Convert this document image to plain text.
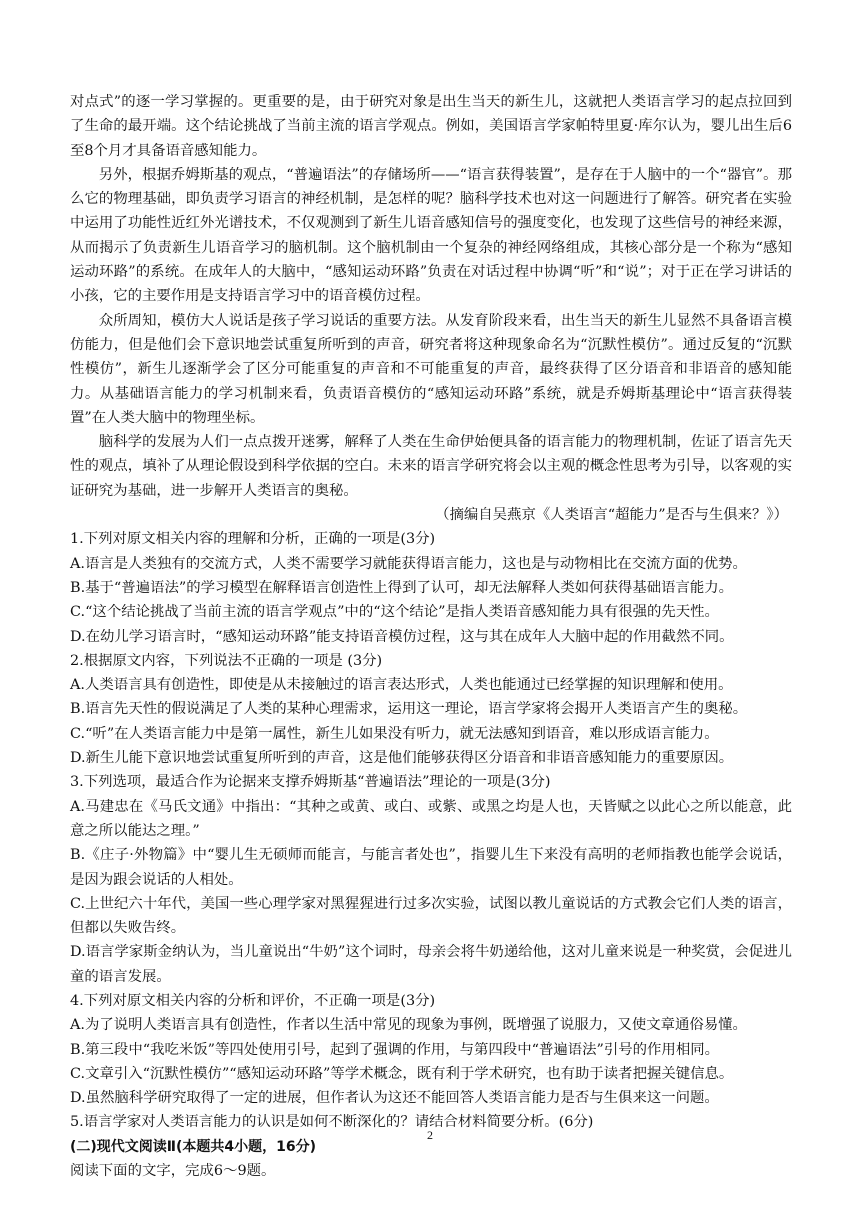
对点式”的逐一学习掌握的。更重要的是，由于研究对象是出生当天的新生儿，这就把人类语言学习的起点拉回到了生命的最开端。这个结论挑战了当前主流的语言学观点。例如，美国语言学家帕特里夏·库尔认为，婴儿出生后6至8个月才具备语音感知能力。

另外，根据乔姆斯基的观点，“普遍语法”的存储场所——“语言获得装置”，是存在于人脑中的一个“器官”。那么它的物理基础，即负责学习语言的神经机制，是怎样的呢？脑科学技术也对这一问题进行了解答。研究者在实验中运用了功能性近红外光谱技术，不仅观测到了新生儿语音感知信号的强度变化，也发现了这些信号的神经来源，从而揭示了负责新生儿语音学习的脑机制。这个脑机制由一个复杂的神经网络组成，其核心部分是一个称为“感知运动环路”的系统。在成年人的大脑中，“感知运动环路”负责在对话过程中协调“听”和“说”；对于正在学习讲话的小孩，它的主要作用是支持语言学习中的语音模仿过程。

众所周知，模仿大人说话是孩子学习说话的重要方法。从发育阶段来看，出生当天的新生儿显然不具备语言模仿能力，但是他们会下意识地尝试重复所听到的声音，研究者将这种现象命名为“沉默性模仿”。通过反复的“沉默性模仿”，新生儿逐渐学会了区分可能重复的声音和不可能重复的声音，最终获得了区分语音和非语音的感知能力。从基础语言能力的学习机制来看，负责语音模仿的“感知运动环路”系统，就是乔姆斯基理论中“语言获得装置”在人类大脑中的物理坐标。

脑科学的发展为人们一点点拨开迷雾，解释了人类在生命伊始便具备的语言能力的物理机制，佐证了语言先天性的观点，填补了从理论假设到科学依据的空白。未来的语言学研究将会以主观的概念性思考为引导，以客观的实证研究为基础，进一步解开人类语言的奥秘。

（摘编自吴燕京《人类语言“超能力”是否与生俱来？》）

1.下列对原文相关内容的理解和分析，正确的一项是(3分)

A.语言是人类独有的交流方式，人类不需要学习就能获得语言能力，这也是与动物相比在交流方面的优势。

B.基于“普遍语法”的学习模型在解释语言创造性上得到了认可，却无法解释人类如何获得基础语言能力。

C.“这个结论挑战了当前主流的语言学观点”中的“这个结论”是指人类语音感知能力具有很强的先天性。

D.在幼儿学习语言时，“感知运动环路”能支持语音模仿过程，这与其在成年人大脑中起的作用截然不同。

2.根据原文内容，下列说法不正确的一项是 (3分)

A.人类语言具有创造性，即使是从未接触过的语言表达形式，人类也能通过已经掌握的知识理解和使用。

B.语言先天性的假说满足了人类的某种心理需求，运用这一理论，语言学家将会揭开人类语言产生的奥秘。

C.“听”在人类语言能力中是第一属性，新生儿如果没有听力，就无法感知到语音，难以形成语言能力。

D.新生儿能下意识地尝试重复所听到的声音，这是他们能够获得区分语音和非语音感知能力的重要原因。

3.下列选项，最适合作为论据来支撑乔姆斯基“普遍语法”理论的一项是(3分)

A.马建忠在《马氏文通》中指出：“其种之或黄、或白、或紫、或黑之均是人也，天皆赋之以此心之所以能意，此意之所以能达之理。”

B.《庄子·外物篇》中“婴儿生无硕师而能言，与能言者处也”，指婴儿生下来没有高明的老师指教也能学会说话，是因为跟会说话的人相处。

C.上世纪六十年代，美国一些心理学家对黑猩猩进行过多次实验，试图以教儿童说话的方式教会它们人类的语言，但都以失败告终。

D.语言学家斯金纳认为，当儿童说出“牛奶”这个词时，母亲会将牛奶递给他，这对儿童来说是一种奖赏，会促进儿童的语言发展。

4.下列对原文相关内容的分析和评价，不正确一项是(3分)

A.为了说明人类语言具有创造性，作者以生活中常见的现象为事例，既增强了说服力，又使文章通俗易懂。

B.第三段中“我吃米饭”等四处使用引号，起到了强调的作用，与第四段中“普遍语法”引号的作用相同。

C.文章引入“沉默性模仿”“感知运动环路”等学术概念，既有利于学术研究，也有助于读者把握关键信息。

D.虽然脑科学研究取得了一定的进展，但作者认为这还不能回答人类语言能力是否与生俱来这一问题。

5.语言学家对人类语言能力的认识是如何不断深化的？请结合材料简要分析。(6分)

(二)现代文阅读Ⅱ(本题共4小题，16分)

阅读下面的文字，完成6～9题。

2
